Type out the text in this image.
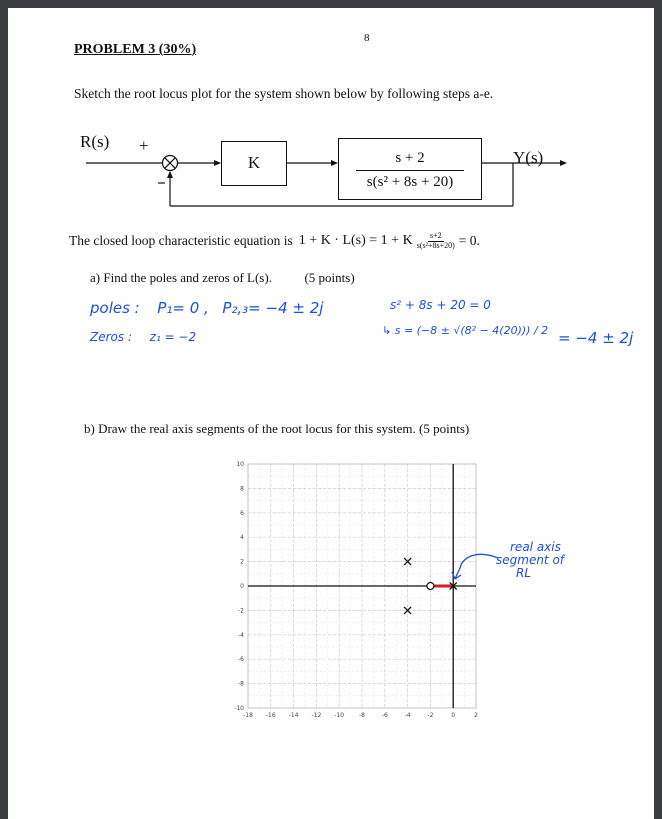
8
PROBLEM 3 (30%)
Sketch the root locus plot for the system shown below by following steps a-e.
R(s) +
K	s + 2
s(s² + 8s + 20)
Y(s)
The closed loop characteristic equation is 1 + K · L(s) = 1 + K $\frac{s+2}{\text{s(s²+8s+20)}} = 0$.
a) Find the poles and zeros of L(s).	(5 points)
poles : P₁= 0 , P₂,₃= −4 ± 2j
Zeros : z₁ = −2
s² + 8s + 20 = 0
↳ s = (−8 ± √(8² − 4(20))) / 2 = −4 ± 2j
b) Draw the real axis segments of the root locus for this system. (5 points)
10
8
6
4
2
0
-2
-4
-6
-8
-10
-18 -16 -14 -12 -10 -8	-6	-4	-2	0	2
real axis
segment of
RL
